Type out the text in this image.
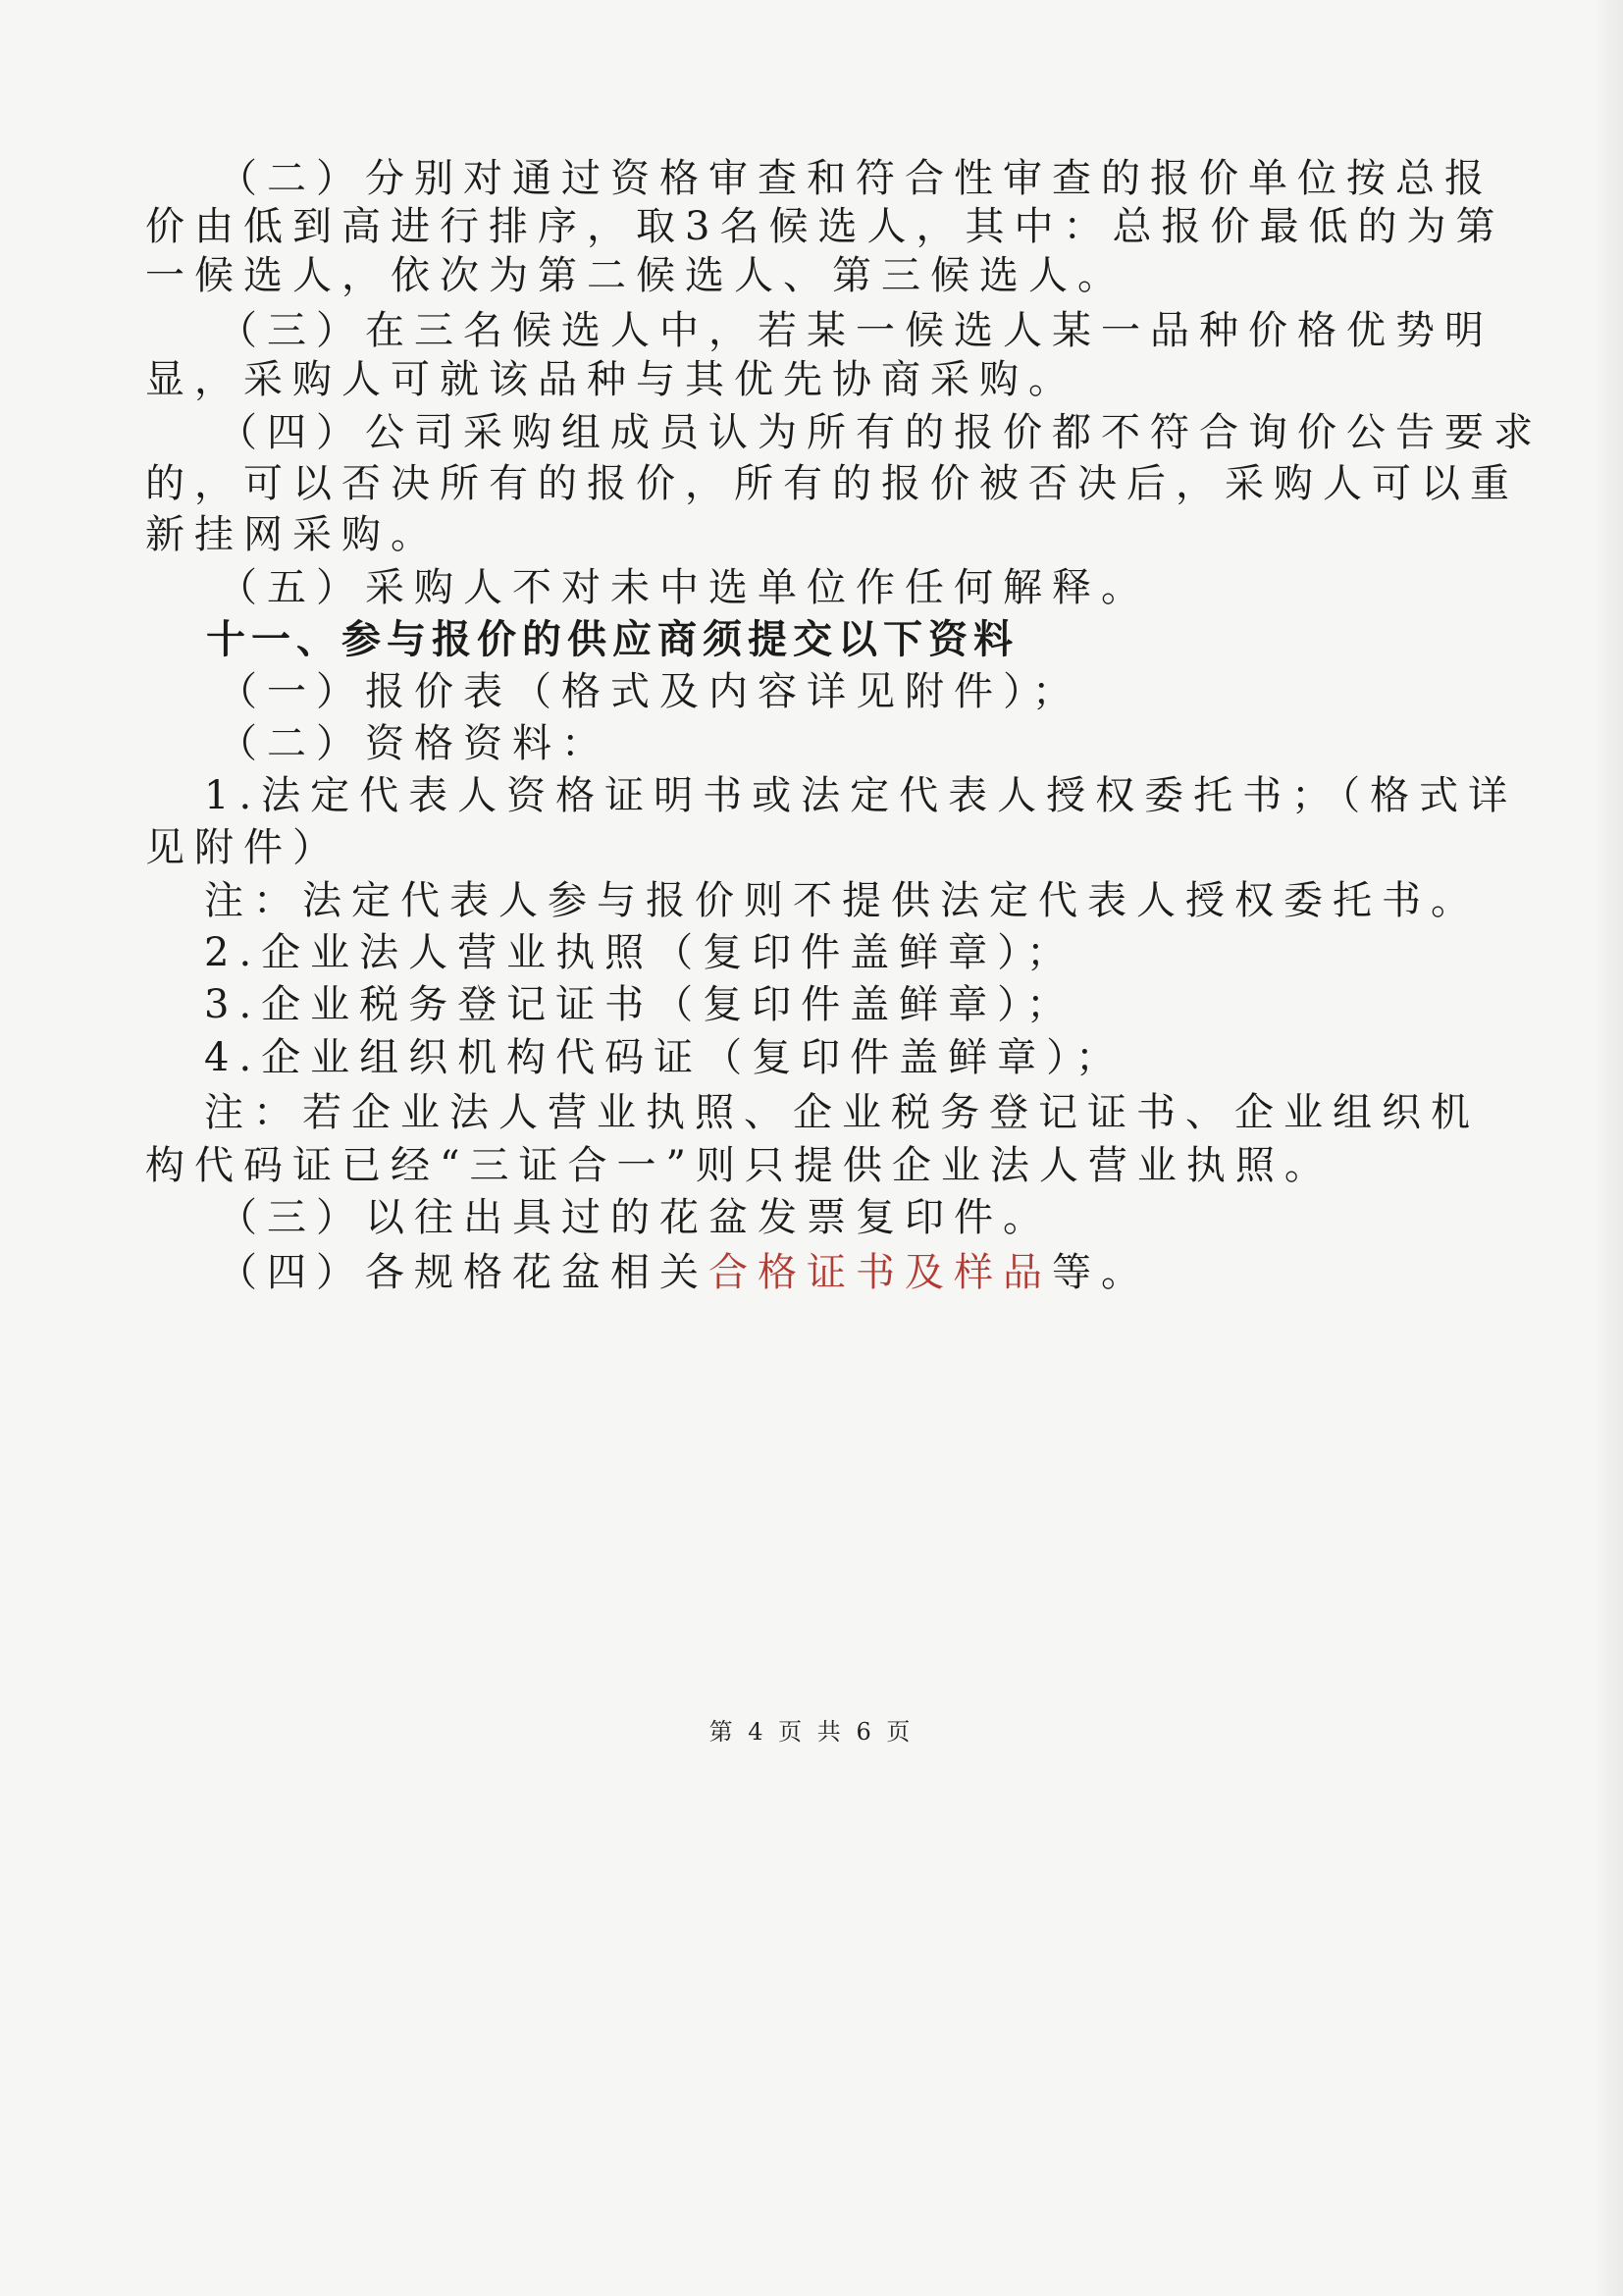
（二）分别对通过资格审查和符合性审查的报价单位按总报
价由低到高进行排序，取3名候选人，其中：总报价最低的为第
一候选人，依次为第二候选人、第三候选人。
（三）在三名候选人中，若某一候选人某一品种价格优势明
显，采购人可就该品种与其优先协商采购。
（四）公司采购组成员认为所有的报价都不符合询价公告要求
的，可以否决所有的报价，所有的报价被否决后，采购人可以重
新挂网采购。
（五）采购人不对未中选单位作任何解释。
十一、参与报价的供应商须提交以下资料
（一）报价表（格式及内容详见附件）；
（二）资格资料：
1.法定代表人资格证明书或法定代表人授权委托书；（格式详
见附件）
注：法定代表人参与报价则不提供法定代表人授权委托书。
2.企业法人营业执照（复印件盖鲜章）；
3.企业税务登记证书（复印件盖鲜章）；
4.企业组织机构代码证（复印件盖鲜章）；
注：若企业法人营业执照、企业税务登记证书、企业组织机
构代码证已经“三证合一”则只提供企业法人营业执照。
（三）以往出具过的花盆发票复印件。
（四）各规格花盆相关合格证书及样品等。
第 4 页 共 6 页
